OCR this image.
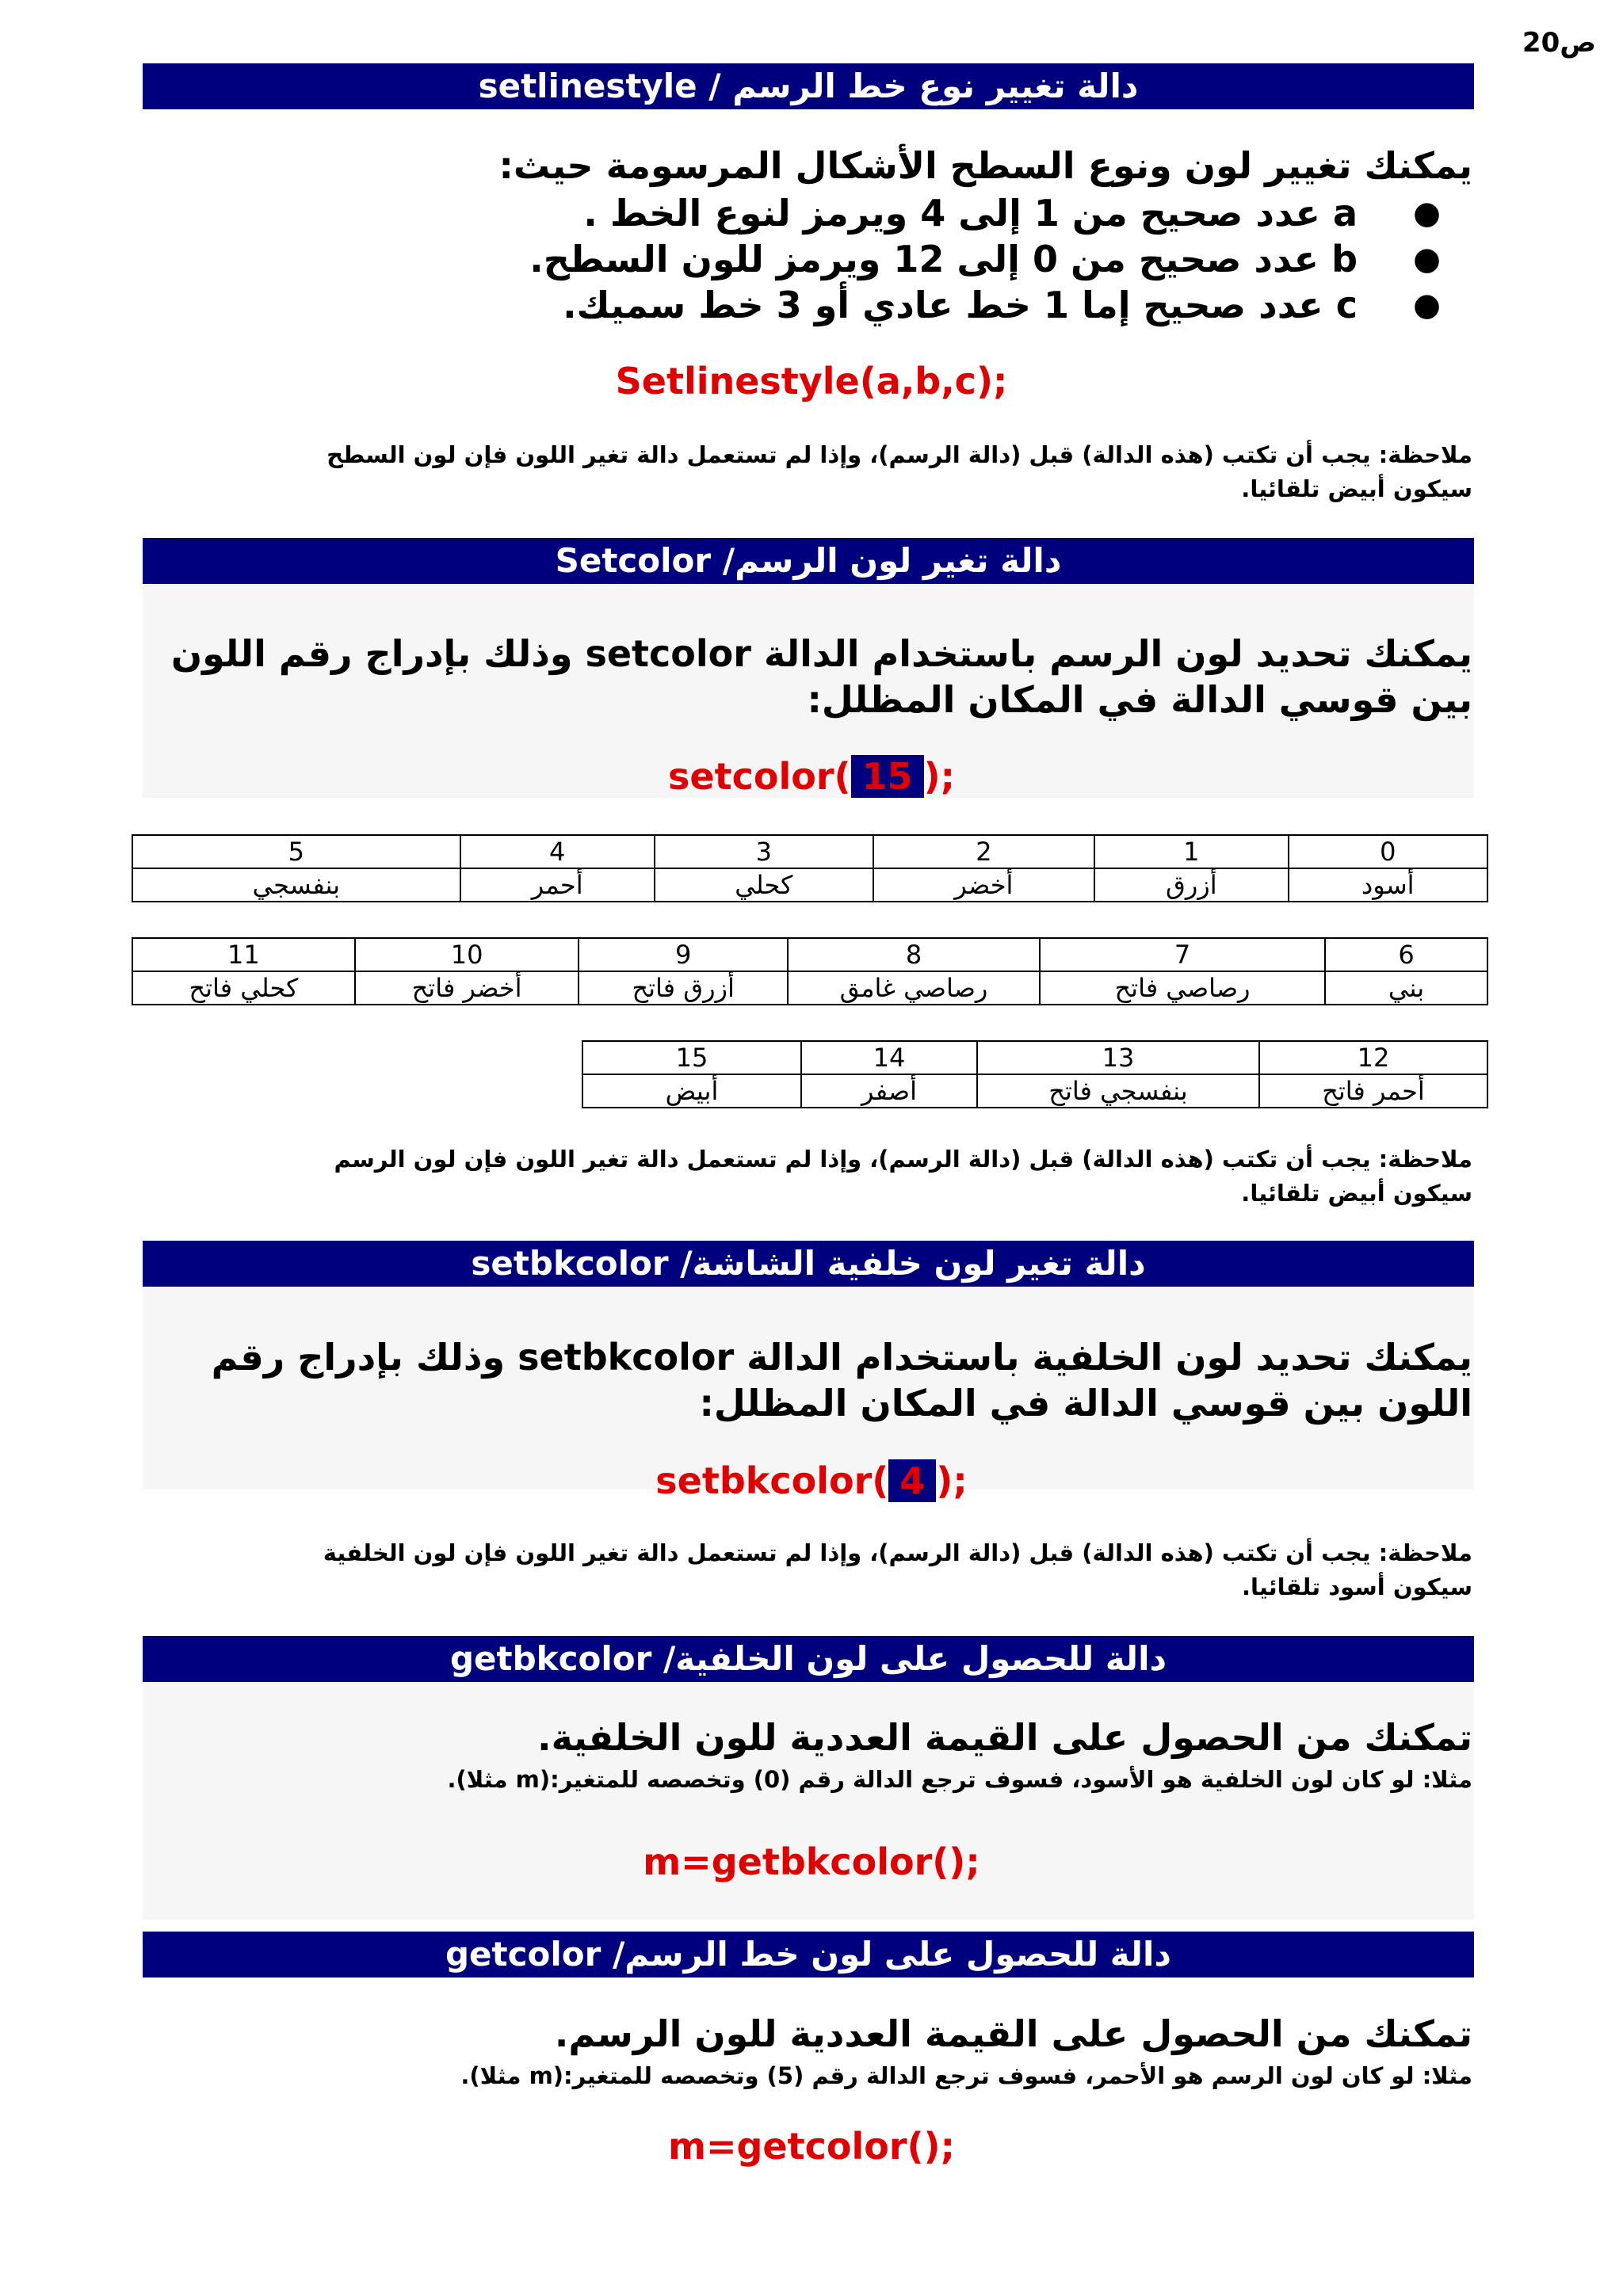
ص20
دالة تغيير نوع خط الرسم / setlinestyle
يمكنك تغيير لون ونوع السطح الأشكال المرسومة حيث:
●
a عدد صحيح من 1 إلى 4 ويرمز لنوع الخط .
●
b عدد صحيح من 0 إلى 12 ويرمز للون السطح.
●
c عدد صحيح إما 1 خط عادي أو 3 خط سميك.
Setlinestyle(a,b,c);
ملاحظة: يجب أن تكتب (هذه الدالة) قبل (دالة الرسم)، وإذا لم تستعمل دالة تغير اللون فإن لون السطح
سيكون أبيض تلقائيا.
دالة تغير لون الرسم/ Setcolor
يمكنك تحديد لون الرسم باستخدام الدالة setcolor وذلك بإدراج رقم اللون
بين قوسي الدالة في المكان المظلل:
setcolor( 15 );
0	1	2	3	4	5
أسود	أزرق	أخضر	كحلي	أحمر	بنفسجي
6	7	8	9	10	11
بني	رصاصي فاتح	رصاصي غامق	أزرق فاتح	أخضر فاتح	كحلي فاتح
12	13	14	15
أحمر فاتح	بنفسجي فاتح	أصفر	أبيض
ملاحظة: يجب أن تكتب (هذه الدالة) قبل (دالة الرسم)، وإذا لم تستعمل دالة تغير اللون فإن لون الرسم
سيكون أبيض تلقائيا.
دالة تغير لون خلفية الشاشة/ setbkcolor
يمكنك تحديد لون الخلفية باستخدام الدالة setbkcolor وذلك بإدراج رقم
اللون بين قوسي الدالة في المكان المظلل:
setbkcolor( 4 );
ملاحظة: يجب أن تكتب (هذه الدالة) قبل (دالة الرسم)، وإذا لم تستعمل دالة تغير اللون فإن لون الخلفية
سيكون أسود تلقائيا.
دالة للحصول على لون الخلفية/ getbkcolor
تمكنك من الحصول على القيمة العددية للون الخلفية.
مثلا: لو كان لون الخلفية هو الأسود، فسوف ترجع الدالة رقم (0) وتخصصه للمتغير:(m مثلا).
m=getbkcolor();
دالة للحصول على لون خط الرسم/ getcolor
تمكنك من الحصول على القيمة العددية للون الرسم.
مثلا: لو كان لون الرسم هو الأحمر، فسوف ترجع الدالة رقم (5) وتخصصه للمتغير:(m مثلا).
m=getcolor();
